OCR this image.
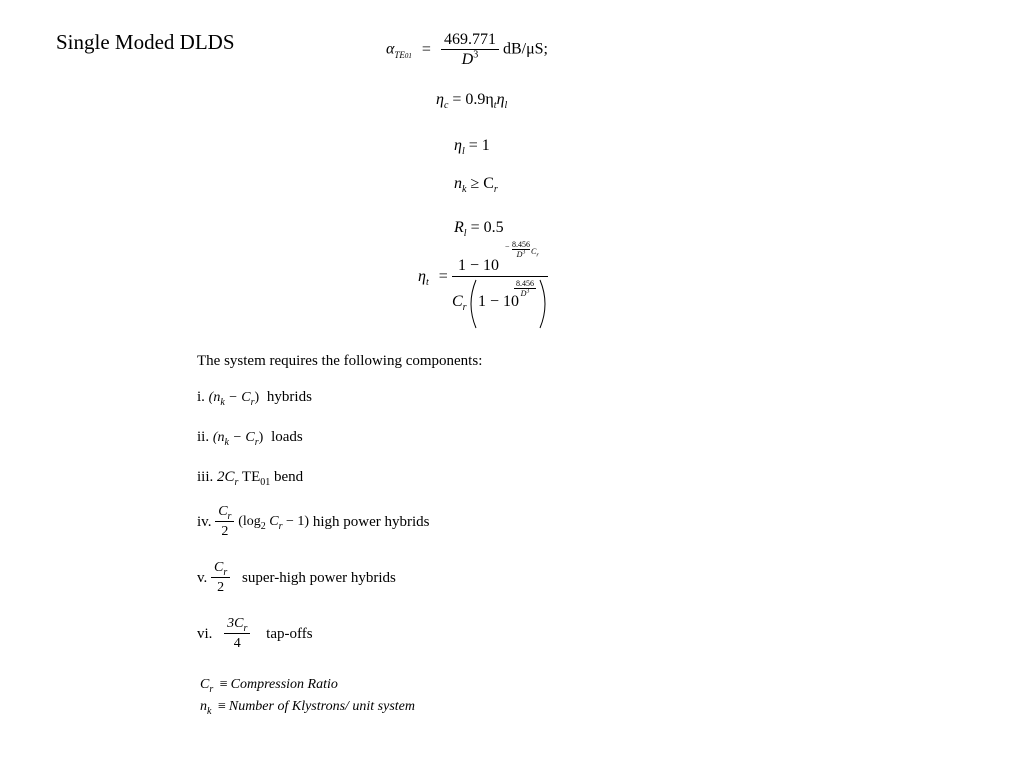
Single Moded DLDS	$\alpha_{TE01} = \frac{469.771}{D^3} dB/\mu S$;
$\eta_c = 0.9\eta_t\eta_l$
$\eta_l = 1$
$n_k \ge C_r$
$R_l = 0.5$
$\eta_t$ =
1 − 10
− 8.456
$D^3$ $C_r$
$C_r$ 1 − 10
8.456
$D^3$
The system requires the following components:
i. $(n_k - C_r)$ hybrids
ii. $(n_k - C_r)$ loads
iii. $2C_r$ $TE_{01}$ bend
iv. $\frac{C_r}{2} (\log_2$ $C_r - 1$) high power hybrids
v. $\frac{C_r}{2}$ super-high power hybrids
vi. $\frac{3C_r}{4}$ tap-offs
$C_r$ ≡ Compression Ratio
$n_k$ ≡ Number of Klystrons/ unit system
